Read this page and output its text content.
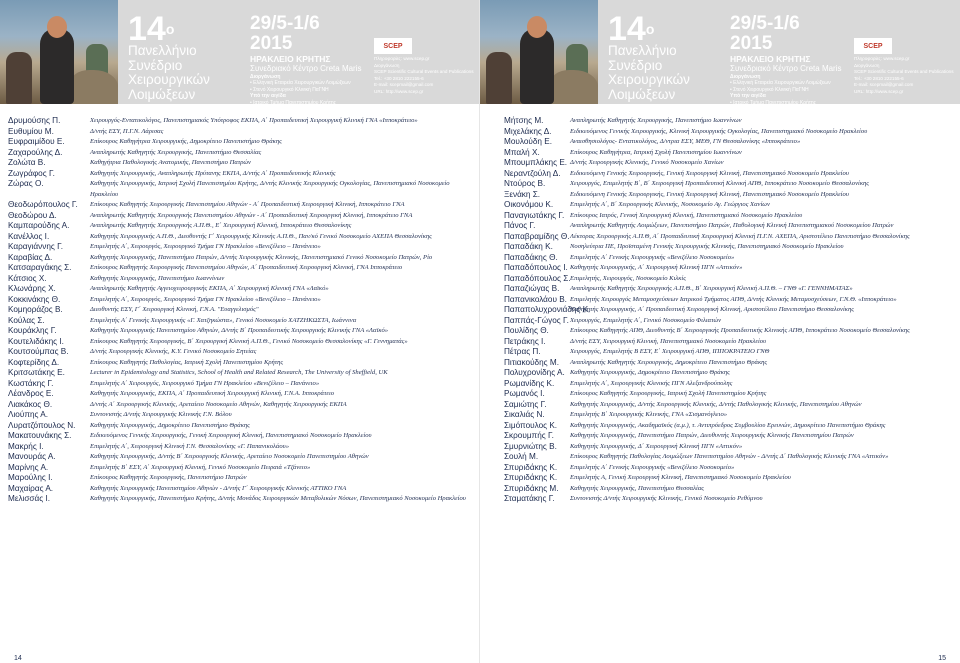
$14^o$
Πανελλήνιο
Συνέδριο
Χειρουργικών
Λοιμώξεων
29/5-1/6 2015
ΗΡΑΚΛΕΙΟ ΚΡΗΤΗΣ
Συνεδριακό Κέντρο Creta Maris
Διοργάνωση
• Ελληνική Εταιρεία Χειρουργικών Λοιμώξεων
• Στενό Χειρουργικό Κλινική ΠαΓΝΗ
Υπό την αιγίδα
• Ιατρικό Τμήμα Πανεπιστημίου Κρήτης
SCEP
Πληροφορίες: www.scep.gr
Διοργάνωση
SCEP Scientific Cultural Events and Publications
Tel.: +30 2810 222155-6
E-mail: scepmail@gmail.com
URL: http://www.scep.gr
Δρυμούσης Π.	Χειρουργός-Εντατικολόγος, Πανεπιστημιακός Υπότροφος ΕΚΠΑ, Α΄ Προπαιδευτική Χειρουργική Κλινική ΓΝΑ «Ιπποκράτειο»
Ευθυμίου Μ.	Δ/ντής ΕΣΥ, Π.Γ.Ν. Λάρισας
Ευφραιμίδου Ε.	Επίκουρος Καθηγήτρια Χειρουργικής, Δημοκρίτειο Πανεπιστήμιο Θράκης
Ζαχαρούλης Δ.	Αναπληρωτής Καθηγητής Χειρουργικής, Πανεπιστήμιο Θεσσαλίας
Ζολώτα Β.	Καθηγήτρια Παθολογικής Ανατομικής, Πανεπιστήμιο Πατρών
Ζωγράφος Γ.	Καθηγητής Χειρουργικής, Αναπληρωτής Πρύτανης ΕΚΠΑ, Δ/ντής Α΄ Προπαιδευτικής Κλινικής
Ζώρας Ο.	Καθηγητής Χειρουργικής, Ιατρική Σχολή Πανεπιστημίου Κρήτης, Δ/ντής Κλινικής Χειρουργικής Ογκολογίας, Πανεπιστημιακό Νοσοκομείο Ηρακλείου
Θεοδωρόπουλος Γ.	Επίκουρος Καθηγητής Χειρουργικής Πανεπιστημίου Αθηνών - Α΄ Προπαιδευτική Χειρουργική Κλινική, Ιπποκράτειο ΓΝΑ
Θεοδώρου Δ.	Αναπληρωτής Καθηγητής Χειρουργικής Πανεπιστημίου Αθηνών - Α΄ Προπαιδευτική Χειρουργική Κλινική, Ιπποκράτειο ΓΝΑ
Καμπαρούδης Α.	Αναπληρωτής Καθηγητής Χειρουργικής Α.Π.Θ., Ε΄ Χειρουργική Κλινική, Ιπποκράτειο Θεσσαλονίκης
Κανέλλος Ι.	Καθηγητής Χειρουργικής Α.Π.Θ., Διευθυντής Γ΄ Χειρουργικής Κλινικής Α.Π.Θ., Παν/κό Γενικό Νοσοκομείο ΑΧΕΠΑ Θεσσαλονίκης
Καραγιάννης Γ.	Επιμελητής Α΄, Χειρουργός, Χειρουργικό Τμήμα ΓΝ Ηρακλείου «Βενιζέλειο – Πανάνειο»
Καραβίας Δ.	Καθηγητής Χειρουργικής, Πανεπιστήμιο Πατρών, Δ/ντής Χειρουργικής Κλινικής, Πανεπιστημιακό Γενικό Νοσοκομείο Πατρών, Ρίο
Κατσαραγάκης Σ.	Επίκουρος Καθηγητής Χειρουργικής Πανεπιστημίου Αθηνών, Α΄ Προπαιδευτική Χειρουργική Κλινική, ΓΝΑ Ιπποκράτειο
Κάτσιος Χ.	Καθηγητής Χειρουργικής, Πανεπιστήμιο Ιωαννίνων
Κλωνάρης Χ.	Αναπληρωτής Καθηγητής Αγγειοχειρουργικής ΕΚΠΑ, Α΄ Χειρουργική Κλινική ΓΝΑ «Λαϊκό»
Κοκκινάκης Θ.	Επιμελητής Α΄, Χειρουργός, Χειρουργικό Τμήμα ΓΝ Ηρακλείου «Βενιζέλειο – Πανάνειο»
Κομηοράζος Β.	Διευθυντής ΕΣΥ, Γ΄ Χειρουργική Κλινική, Γ.Ν.Α. "Ευαγγελισμός"
Κούλας Σ.	Επιμελητής Α΄ Γενικής Χειρουργικής «Γ. Χατζηκώστα», Γενικό Νοσοκομείο ΧΑΤΖΗΚΩΣΤΑ, Ιωάννινα
Κουράκλης Γ.	Καθηγητής Χειρουργικής Πανεπιστημίου Αθηνών, Δ/ντής Β΄ Προπαιδευτικής Χειρουργικής Κλινικής ΓΝΑ «Λαϊκό»
Κουτελιδάκης Ι.	Επίκουρος Καθηγητής Χειρουργικής, Β΄ Χειρουργική Κλινική Α.Π.Θ., Γενικό Νοσοκομείο Θεσσαλονίκης «Γ. Γεννηματάς»
Κουτσούμπας Β.	Δ/ντής Χειρουργικής Κλινικής, Κ.Υ. Γενικό Νοσοκομείο Σητείας
Κοφτερίδης Δ.	Επίκουρος Καθηγητής Παθολογίας, Ιατρική Σχολή Πανεπιστημίου Κρήτης
Κριτσωτάκης Ε.	Lecturer in Epidemiology and Statistics, School of Health and Related Research, The University of Sheffield, UK
Κωστάκης Γ.	Επιμελητής Α΄ Χειρουργός, Χειρουργικό Τμήμα ΓΝ Ηρακλείου «Βενιζέλειο – Πανάνειο»
Λέανδρος Ε.	Καθηγητής Χειρουργικής, ΕΚΠΑ, Α΄ Προπαιδευτική Χειρουργική Κλινική, Γ.Ν.Α. Ιπποκράτειο
Λιακάκος Θ.	Δ/ντής Α΄ Χειρουργικής Κλινικής, Αρεταίειο Νοσοκομείο Αθηνών, Καθηγητής Χειρουργικής ΕΚΠΑ
Λιούπης Α.	Συντονιστής Δ/ντής Χειρουργικής Κλινικής Γ.Ν. Βόλου
Λυρατζόπουλος Ν.	Καθηγητής Χειρουργικής, Δημοκρίτειο Πανεπιστήμιο Θράκης
Μακατουνάκης Σ.	Ειδικευόμενος Γενικής Χειρουργικής, Γενική Χειρουργική Κλινική, Πανεπιστημιακό Νοσοκομείο Ηρακλείου
Μακρής Ι.	Επιμελητής Α΄, Χειρουργική Κλινική Γ.Ν. Θεσσαλονίκης «Γ. Παπανικολάου»
Μανουράς Α.	Καθηγητής Χειρουργικής, Δ/ντής Β΄ Χειρουργικής Κλινικής, Αρεταίειο Νοσοκομείο Πανεπιστημίου Αθηνών
Μαρίνης Α.	Επιμελητής Β΄ ΕΣΥ, Α΄ Χειρουργική Κλινική, Γενικό Νοσοκομείο Πειραιά «Τζάνειο»
Μαρούλης Ι.	Επίκουρος Καθηγητής Χειρουργικής, Πανεπιστήμιο Πατρών
Μαχαίρας Α.	Καθηγητής Χειρουργικής Πανεπιστημίου Αθηνών - Δ/ντής Γ΄ Χειρουργικής Κλινικής ΑΤΤΙΚΟ ΓΝΑ
Μελισσάς Ι.	Καθηγητής Χειρουργικής, Πανεπιστήμιο Κρήτης, Δ/ντής Μονάδος Χειρουργικών Μεταβολικών Νόσων, Πανεπιστημιακό Νοσοκομείο Ηρακλείου
14
$14^o$
Πανελλήνιο
Συνέδριο
Χειρουργικών
Λοιμώξεων
29/5-1/6 2015
ΗΡΑΚΛΕΙΟ ΚΡΗΤΗΣ
Συνεδριακό Κέντρο Creta Maris
Διοργάνωση
• Ελληνική Εταιρεία Χειρουργικών Λοιμώξεων
• Στενό Χειρουργικό Κλινική ΠαΓΝΗ
Υπό την αιγίδα
• Ιατρικό Τμήμα Πανεπιστημίου Κρήτης
SCEP
Πληροφορίες: www.scep.gr
Διοργάνωση
SCEP Scientific Cultural Events and Publications
Tel.: +30 2810 222155-6
E-mail: scepmail@gmail.com
URL: http://www.scep.gr
Μήτσης Μ.	Αναπληρωτής Καθηγητής Χειρουργικής, Πανεπιστήμιο Ιωαννίνων
Μιχελάκης Δ.	Ειδικευόμενος Γενικής Χειρουργικής, Κλινική Χειρουργικής Ογκολογίας, Πανεπιστημιακό Νοσοκομείο Ηρακλείου
Μουλούδη Ε.	Αναισθησιολόγος- Εντατικολόγος, Δ/ντρια ΕΣΥ, ΜΕΘ, ΓΝ Θεσσαλονίκης «Ιπποκράτειο»
Μπαλή Χ.	Επίκουρος Καθηγήτρια, Ιατρική Σχολή Πανεπιστημίου Ιωαννίνων
Μπουμπλάκης Ε. Δ/ντής Χειρουργικής Κλινικής, Γενικό Νοσοκομείο Χανίων
Νεραντζούλη Δ.	Ειδικευόμενη Γενικής Χειρουργικής, Γενική Χειρουργική Κλινική, Πανεπιστημιακό Νοσοκομείο Ηρακλείου
Ντούρος Β.	Χειρουργός, Επιμελητής Β΄, Β΄ Χειρουργική Προπαιδευτική Κλινική ΑΠΘ, Ιπποκράτειο Νοσοκομείο Θεσσαλονίκης
Ξενάκη Σ.	Ειδικευόμενη Γενικής Χειρουργικής, Γενική Χειρουργική Κλινική, Πανεπιστημιακό Νοσοκομείο Ηρακλείου
Οικονόμου Κ.	Επιμελητής Α΄, Β΄ Χειρουργικής Κλινικής, Νοσοκομείο Αγ. Γεώργιος Χανίων
Παναγιωτάκης Γ. Επίκουρος Ιατρός, Γενική Χειρουργική Κλινική, Πανεπιστημιακό Νοσοκομείο Ηρακλείου
Πάνος Γ.	Αναπληρωτής Καθηγητής Λοιμώξεων, Πανεπιστήμιο Πατρών, Παθολογική Κλινική Πανεπιστημιακού Νοσοκομείου Πατρών
Παπαβραμίδης Θ. Λέκτορας Χειρουργικής Α.Π.Θ, Α΄ Προπαιδευτική Χειρουργική Κλινική Π.Γ.Ν. ΑΧΕΠΑ, Αριστοτέλειο Πανεπιστήμιο Θεσσαλονίκης
Παπαδάκη Κ.	Νοσηλεύτρια ΠΕ, Προϊσταμένη Γενικής Χειρουργικής Κλινικής, Πανεπιστημιακό Νοσοκομείο Ηρακλείου
Παπαδάκης Θ.	Επιμελητής Α΄ Γενικής Χειρουργικής «Βενιζέλειο Νοσοκομείο»
Παπαδόπουλος Ι. Καθηγητής Χειρουργικής, Α΄ Χειρουργική Κλινική ΠΓΝ «Αττικόν»
Παπαδόπουλος Σ. Επιμελητής, Χειρουργός, Νοσοκομείο Κιλκίς
Παπαζιώγας Β.	Αναπληρωτής Καθηγητής Χειρουργικής Α.Π.Θ., Β΄ Χειρουργική Κλινική Α.Π.Θ. – ΓΝΘ «Γ. ΓΕΝΝΗΜΑΤΑΣ»
Παπανικολάου Β. Επιμελητής Χειρουργός Μεταμοσχεύσεων Ιατρικού Τμήματος ΑΠΘ, Δ/ντής Κλινικής Μεταμοσχεύσεων, Γ.Ν.Θ. «Ιπποκράτειο»
Παπαπολυχρονιάδης Κ.
Καθηγητής Χειρουργικής, Α΄ Προπαιδευτική Χειρουργική Κλινική, Αριστοτέλειο Πανεπιστήμιο Θεσσαλονίκης
Παππάς-Γώγος Γ. Χειρουργός, Επιμελητής Α΄, Γενικό Νοσοκομείο Φιλιατών
Πουλίδης Θ.	Επίκουρος Καθηγητής ΑΠΘ, Διευθυντής Β΄ Χειρουργικής Προπαιδευτικής Κλινικής ΑΠΘ, Ιπποκράτειο Νοσοκομείο Θεσσαλονίκης
Πετράκης Ι.	Δ/ντής ΕΣΥ, Χειρουργική Κλινική, Πανεπιστημιακό Νοσοκομείο Ηρακλείου
Πέτρας Π.	Χειρουργός, Επιμελητής Β ΕΣΥ, Ε΄ Χειρουργική ΑΠΘ, ΙΠΠΟΚΡΑΤΕΙΟ ΓΝΘ
Πιτιακούδης Μ.	Αναπληρωτής Καθηγητής Χειρουργικής, Δημοκρίτειο Πανεπιστήμιο Θράκης
Πολυχρονίδης Α. Καθηγητής Χειρουργικής, Δημοκρίτειο Πανεπιστήμιο Θράκης
Ρωμανίδης Κ.	Επιμελητής Α΄, Χειρουργικής Κλινικής ΠΓΝ Αλεξανδρούπολης
Ρωμανός Ι.	Επίκουρος Καθηγητής Χειρουργικής, Ιατρική Σχολή Πανεπιστημίου Κρήτης
Σαμιώτης Γ.	Καθηγητής Χειρουργικής, Δ/ντής Χειρουργικής Κλινικής, Δ/ντής Παθολογικής Κλινικής, Πανεπιστημίου Αθηνών
Σικαλιάς Ν.	Επιμελητής Β΄ Χειρουργικής Κλινικής, ΓΝΑ «Σισμανόγλειο»
Σιμόπουλος Κ.	Καθηγητής Χειρουργικής, Ακαδημαϊκός (α.μ.), τ. Αντιπρόεδρος Συμβουλίου Ερευνών, Δημοκρίτειο Πανεπιστήμιο Θράκης
Σκρουμπής Γ.	Καθηγητής Χειρουργικής, Πανεπιστήμιο Πατρών, Διευθυντής Χειρουργικής Κλινικής Πανεπιστημίου Πατρών
Σμυρνιώτης Β.	Καθηγητής Χειρουργικής, Δ΄ Χειρουργική Κλινική ΠΓΝ «Αττικόν»
Σουλή Μ.	Επίκουρος Καθηγητής Παθολογίας Λοιμώξεων Πανεπιστημίου Αθηνών - Δ/ντής Δ΄ Παθολογικής Κλινικής ΓΝΑ «Αττικόν»
Σπυριδάκης Κ.	Επιμελητής Α΄ Γενικής Χειρουργικής «Βενιζέλειο Νοσοκομείο»
Σπυριδάκης Κ.	Επιμελητής Α, Γενική Χειρουργική Κλινική, Πανεπιστημιακό Νοσοκομείο Ηρακλείου
Σπυριδάκης Μ.	Καθηγητής Χειρουργικής, Πανεπιστήμιο Θεσσαλίας
Σταματάκης Γ.	Συντονιστής Δ/ντής Χειρουργικής Κλινικής, Γενικό Νοσοκομείο Ρεθύμνου
15
